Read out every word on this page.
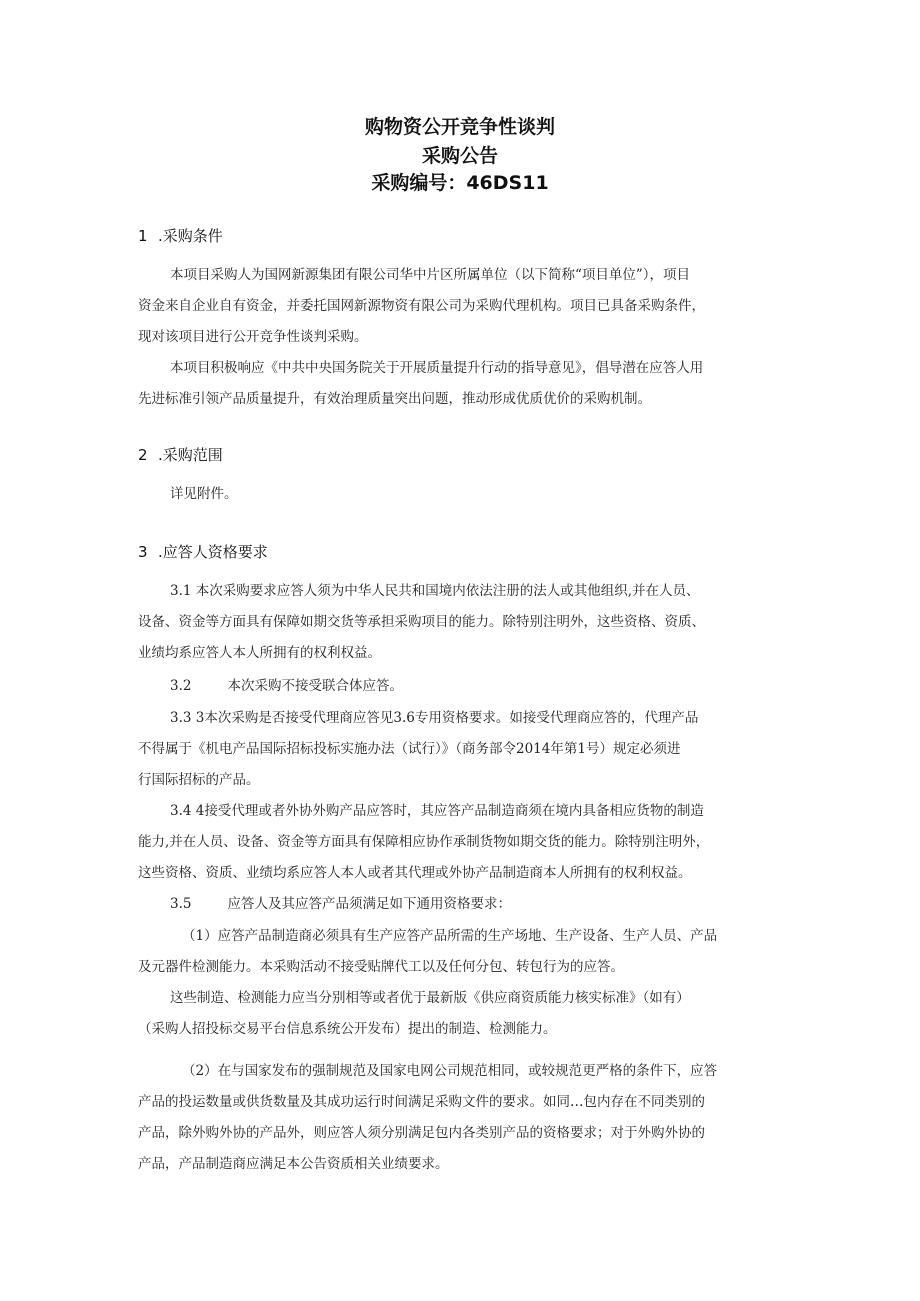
购物资公开竞争性谈判
采购公告
采购编号：46DS11
1 .采购条件

本项目采购人为国网新源集团有限公司华中片区所属单位（以下简称“项目单位”），项目

资金来自企业自有资金，并委托国网新源物资有限公司为采购代理机构。项目已具备采购条件，

现对该项目进行公开竞争性谈判采购。

本项目积极响应《中共中央国务院关于开展质量提升行动的指导意见》，倡导潜在应答人用

先进标准引领产品质量提升，有效治理质量突出问题，推动形成优质优价的采购机制。

2 .采购范围

详见附件。

3 .应答人资格要求

3.1 本次采购要求应答人须为中华人民共和国境内依法注册的法人或其他组织,并在人员、

设备、资金等方面具有保障如期交货等承担采购项目的能力。除特别注明外，这些资格、资质、

业绩均系应答人本人所拥有的权利权益。

3.2	本次采购不接受联合体应答。

3.3 3本次采购是否接受代理商应答见3.6专用资格要求。如接受代理商应答的，代理产品

不得属于《机电产品国际招标投标实施办法（试行）》（商务部令2014年第1号）规定必须进

行国际招标的产品。

3.4 4接受代理或者外协外购产品应答时，其应答产品制造商须在境内具备相应货物的制造

能力,并在人员、设备、资金等方面具有保障相应协作承制货物如期交货的能力。除特别注明外，

这些资格、资质、业绩均系应答人本人或者其代理或外协产品制造商本人所拥有的权利权益。

3.5	应答人及其应答产品须满足如下通用资格要求：

（1）应答产品制造商必须具有生产应答产品所需的生产场地、生产设备、生产人员、产品

及元器件检测能力。本采购活动不接受贴牌代工以及任何分包、转包行为的应答。

这些制造、检测能力应当分别相等或者优于最新版《供应商资质能力核实标准》（如有）

（采购人招投标交易平台信息系统公开发布）提出的制造、检测能力。

（2）在与国家发布的强制规范及国家电网公司规范相同，或较规范更严格的条件下，应答

产品的投运数量或供货数量及其成功运行时间满足采购文件的要求。如同…包内存在不同类别的

产品，除外购外协的产品外，则应答人须分别满足包内各类别产品的资格要求；对于外购外协的

产品，产品制造商应满足本公告资质相关业绩要求。
